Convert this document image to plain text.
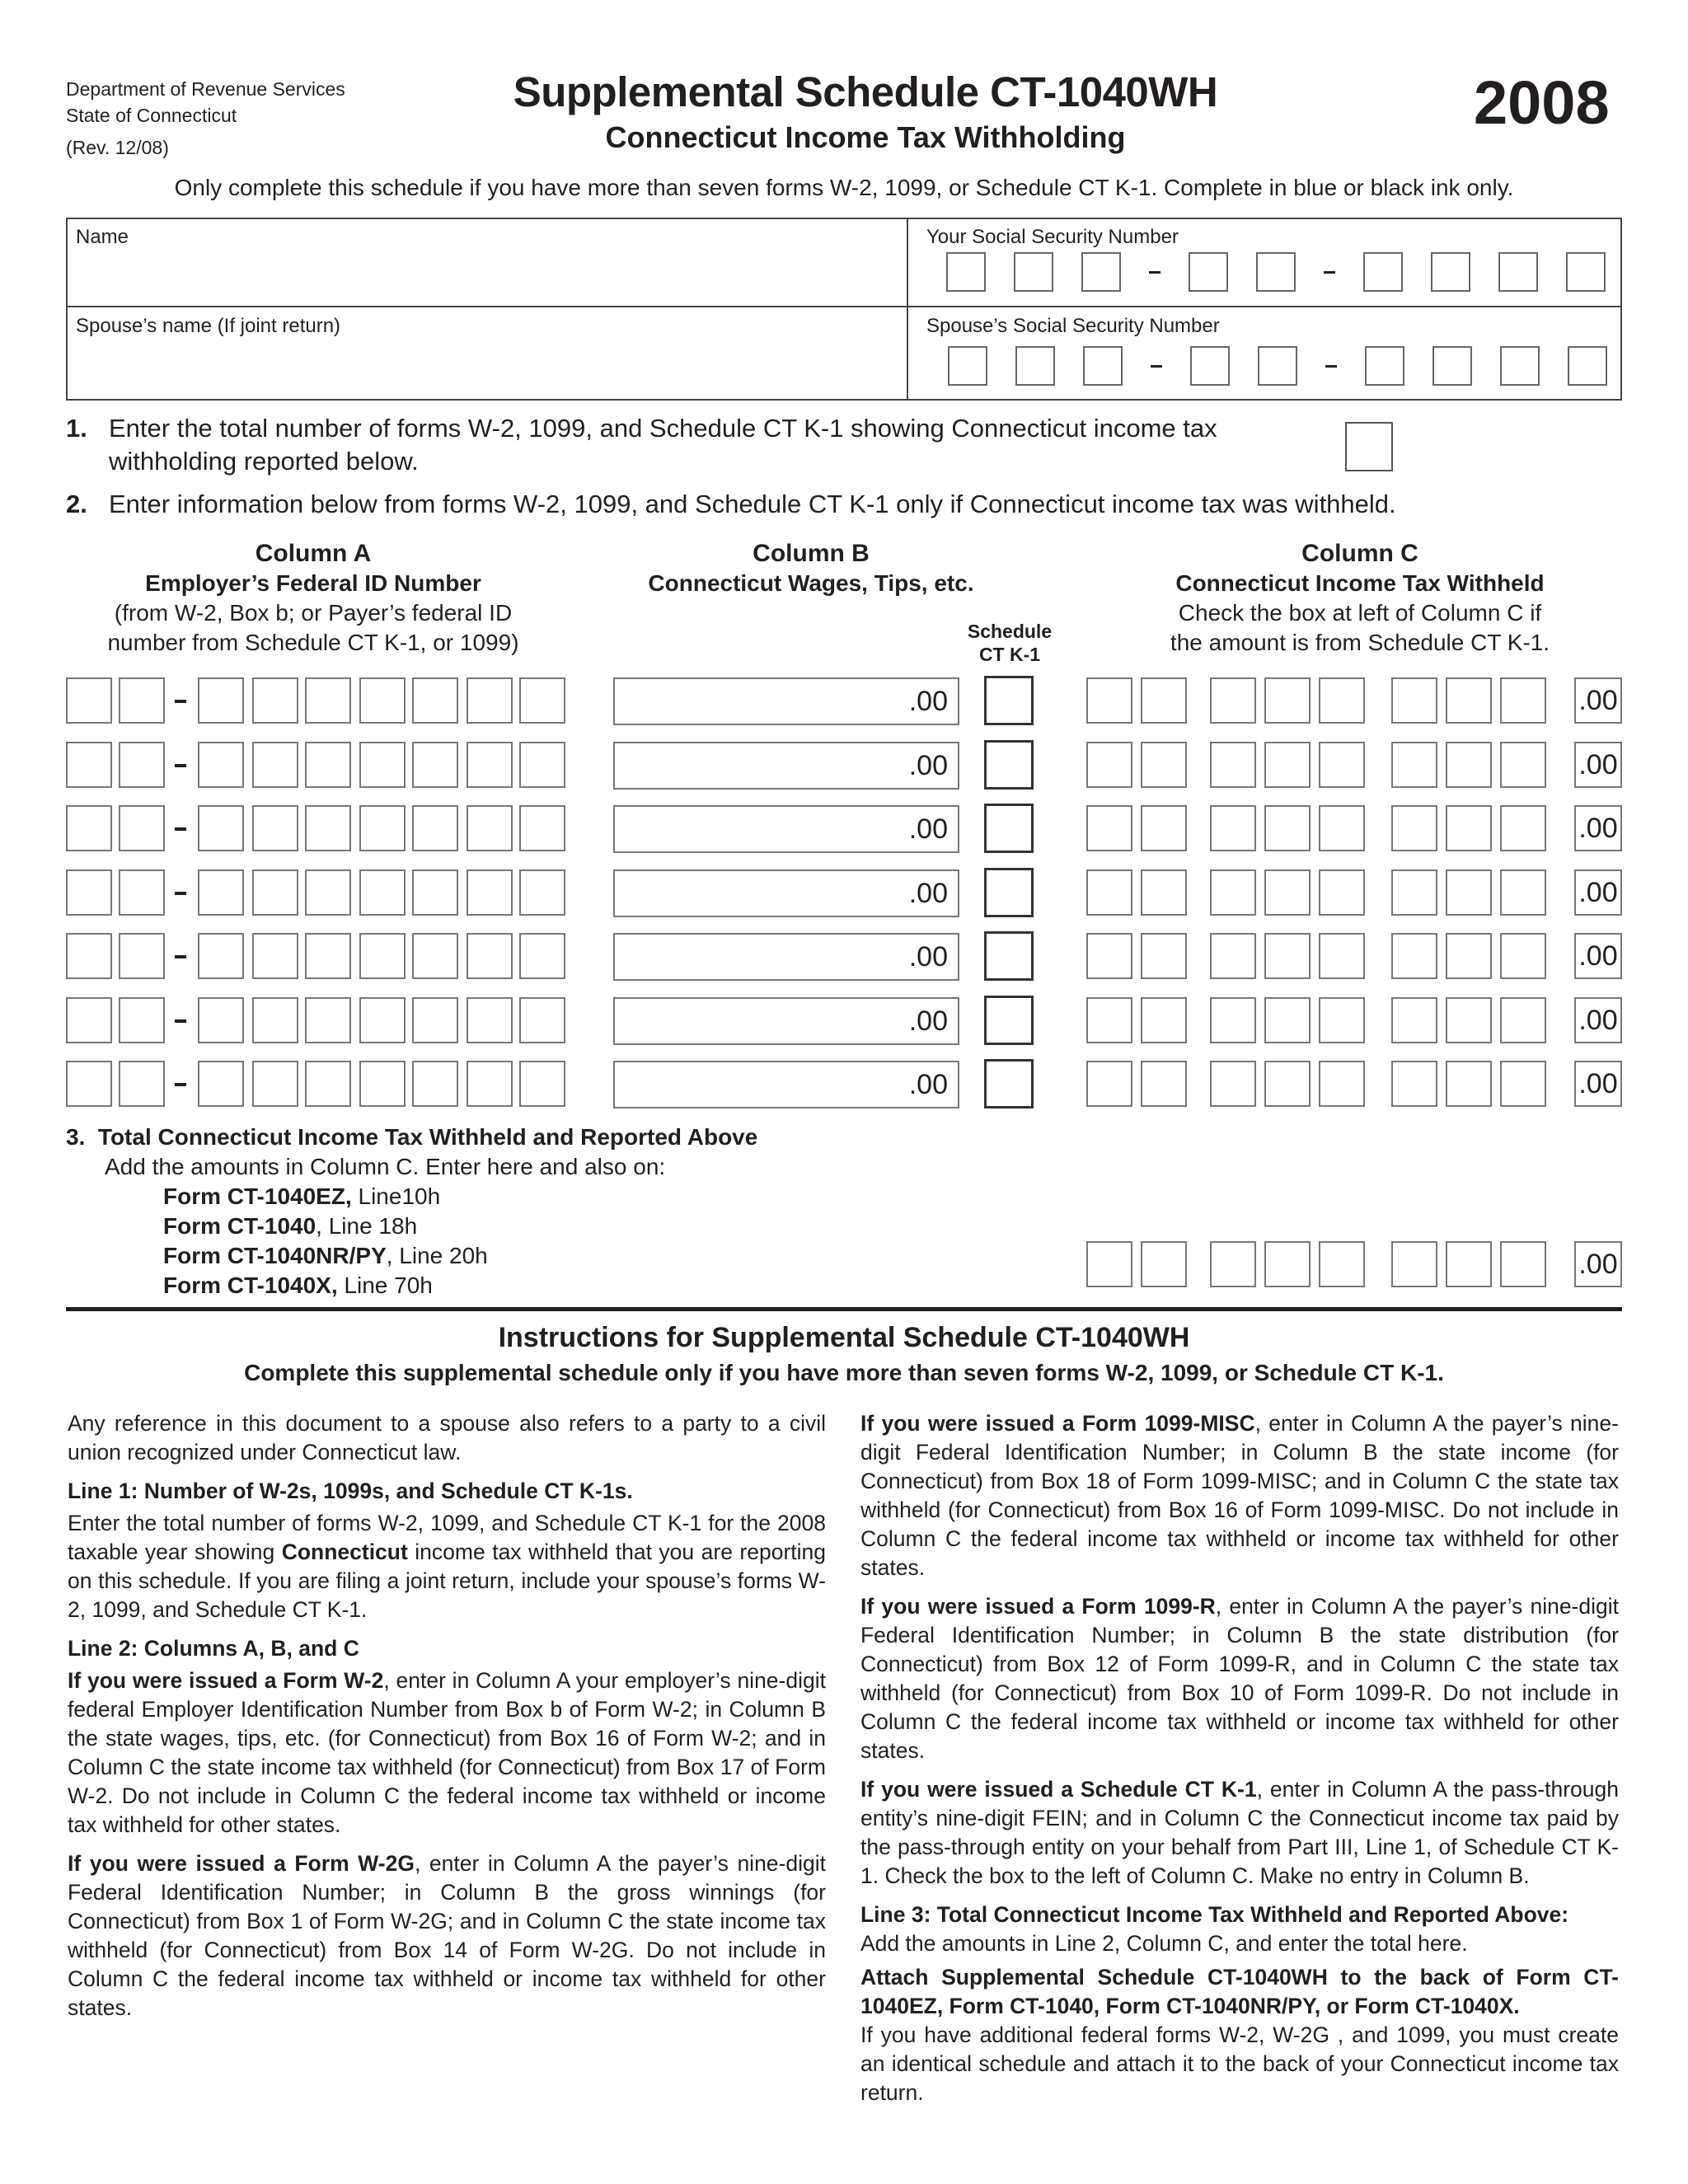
Department of Revenue Services
State of Connecticut
(Rev. 12/08)
Supplemental Schedule CT-1040WH
Connecticut Income Tax Withholding
2008
Only complete this schedule if you have more than seven forms W-2, 1099, or Schedule CT K-1. Complete in blue or black ink only.
Name
Spouse’s name (If joint return)
Your Social Security Number
Spouse’s Social Security Number
1. Enter the total number of forms W-2, 1099, and Schedule CT K-1 showing Connecticut income tax
withholding reported below.
2. Enter information below from forms W-2, 1099, and Schedule CT K-1 only if Connecticut income tax was withheld.
Column A
Employer’s Federal ID Number
(from W-2, Box b; or Payer’s federal ID
number from Schedule CT K-1, or 1099)
Column B
Connecticut Wages, Tips, etc.
Schedule
CT K-1
Column C
Connecticut Income Tax Withheld
Check the box at left of Column C if
the amount is from Schedule CT K-1.
.00	.00
.00	.00
.00	.00
.00	.00
.00	.00
.00	.00
.00	.00
3. Total Connecticut Income Tax Withheld and Reported Above
Add the amounts in Column C. Enter here and also on:
Form CT-1040EZ, Line10h
Form CT-1040, Line 18h
Form CT-1040NR/PY, Line 20h
Form CT-1040X, Line 70h
.00
Instructions for Supplemental Schedule CT-1040WH
Complete this supplemental schedule only if you have more than seven forms W-2, 1099, or Schedule CT K-1.

Any reference in this document to a spouse also refers to a party to a civil union recognized under Connecticut law.

Line 1: Number of W-2s, 1099s, and Schedule CT K-1s.

Enter the total number of forms W-2, 1099, and Schedule CT K-1 for the 2008 taxable year showing Connecticut income tax withheld that you are reporting on this schedule. If you are filing a joint return, include your spouse’s forms W-2, 1099, and Schedule CT K-1.

Line 2: Columns A, B, and C

If you were issued a Form W-2, enter in Column A your employer’s nine-digit federal Employer Identification Number from Box b of Form W-2; in Column B the state wages, tips, etc. (for Connecticut) from Box 16 of Form W-2; and in Column C the state income tax withheld (for Connecticut) from Box 17 of Form W-2. Do not include in Column C the federal income tax withheld or income tax withheld for other states.

If you were issued a Form W-2G, enter in Column A the payer’s nine-digit Federal Identification Number; in Column B the gross winnings (for Connecticut) from Box 1 of Form W-2G; and in Column C the state income tax withheld (for Connecticut) from Box 14 of Form W-2G. Do not include in Column C the federal income tax withheld or income tax withheld for other states.

If you were issued a Form 1099-MISC, enter in Column A the payer’s nine-digit Federal Identification Number; in Column B the state income (for Connecticut) from Box 18 of Form 1099-MISC; and in Column C the state tax withheld (for Connecticut) from Box 16 of Form 1099-MISC. Do not include in Column C the federal income tax withheld or income tax withheld for other states.

If you were issued a Form 1099-R, enter in Column A the payer’s nine-digit Federal Identification Number; in Column B the state distribution (for Connecticut) from Box 12 of Form 1099-R, and in Column C the state tax withheld (for Connecticut) from Box 10 of Form 1099-R. Do not include in Column C the federal income tax withheld or income tax withheld for other states.

If you were issued a Schedule CT K-1, enter in Column A the pass-through entity’s nine-digit FEIN; and in Column C the Connecticut income tax paid by the pass-through entity on your behalf from Part III, Line 1, of Schedule CT K-1. Check the box to the left of Column C. Make no entry in Column B.

Line 3: Total Connecticut Income Tax Withheld and Reported Above:
Add the amounts in Line 2, Column C, and enter the total here.

Attach Supplemental Schedule CT-1040WH to the back of Form CT- 1040EZ, Form CT-1040, Form CT-1040NR/PY, or Form CT-1040X.
If you have additional federal forms W-2, W-2G , and 1099, you must create an identical schedule and attach it to the back of your Connecticut income tax return.
